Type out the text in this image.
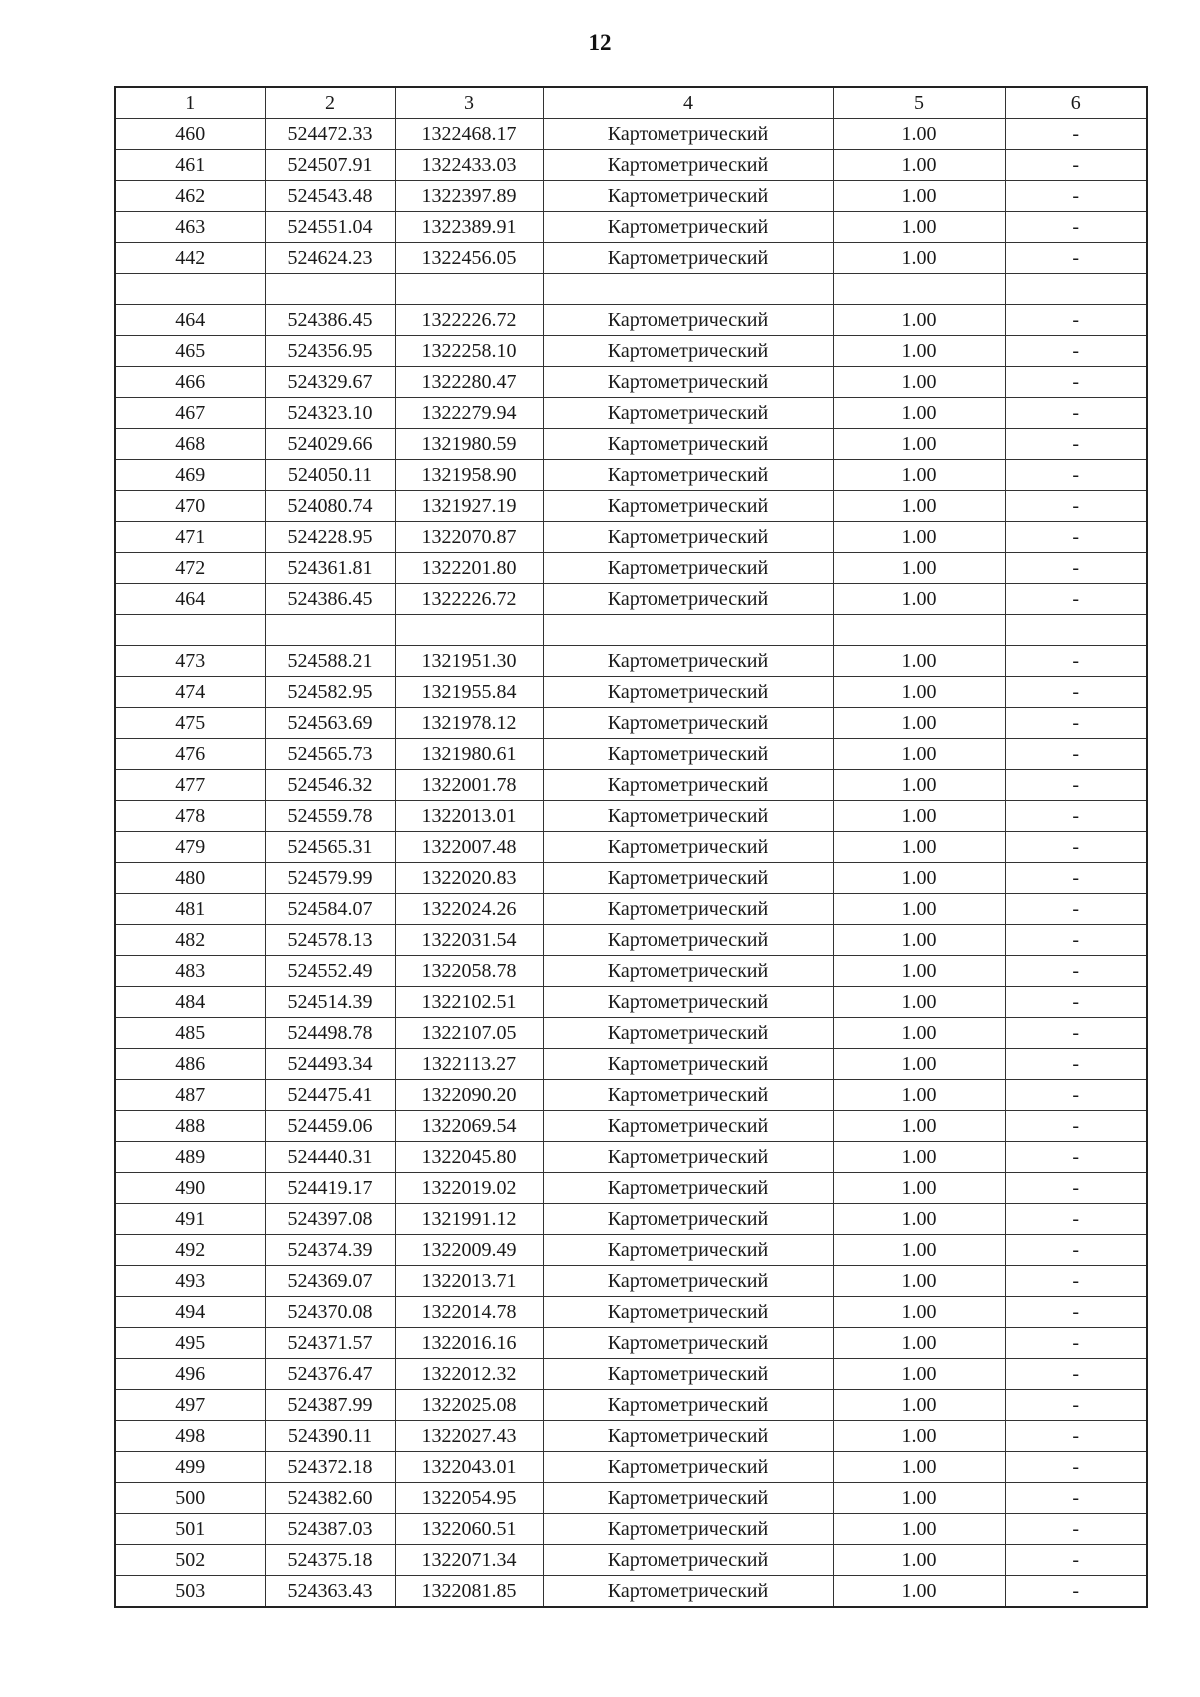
12
1	2	3	4	5	6
460	524472.33	1322468.17	Картометрический	1.00	-
461	524507.91	1322433.03	Картометрический	1.00	-
462	524543.48	1322397.89	Картометрический	1.00	-
463	524551.04	1322389.91	Картометрический	1.00	-
442	524624.23	1322456.05	Картометрический	1.00	-

464	524386.45	1322226.72	Картометрический	1.00	-
465	524356.95	1322258.10	Картометрический	1.00	-
466	524329.67	1322280.47	Картометрический	1.00	-
467	524323.10	1322279.94	Картометрический	1.00	-
468	524029.66	1321980.59	Картометрический	1.00	-
469	524050.11	1321958.90	Картометрический	1.00	-
470	524080.74	1321927.19	Картометрический	1.00	-
471	524228.95	1322070.87	Картометрический	1.00	-
472	524361.81	1322201.80	Картометрический	1.00	-
464	524386.45	1322226.72	Картометрический	1.00	-

473	524588.21	1321951.30	Картометрический	1.00	-
474	524582.95	1321955.84	Картометрический	1.00	-
475	524563.69	1321978.12	Картометрический	1.00	-
476	524565.73	1321980.61	Картометрический	1.00	-
477	524546.32	1322001.78	Картометрический	1.00	-
478	524559.78	1322013.01	Картометрический	1.00	-
479	524565.31	1322007.48	Картометрический	1.00	-
480	524579.99	1322020.83	Картометрический	1.00	-
481	524584.07	1322024.26	Картометрический	1.00	-
482	524578.13	1322031.54	Картометрический	1.00	-
483	524552.49	1322058.78	Картометрический	1.00	-
484	524514.39	1322102.51	Картометрический	1.00	-
485	524498.78	1322107.05	Картометрический	1.00	-
486	524493.34	1322113.27	Картометрический	1.00	-
487	524475.41	1322090.20	Картометрический	1.00	-
488	524459.06	1322069.54	Картометрический	1.00	-
489	524440.31	1322045.80	Картометрический	1.00	-
490	524419.17	1322019.02	Картометрический	1.00	-
491	524397.08	1321991.12	Картометрический	1.00	-
492	524374.39	1322009.49	Картометрический	1.00	-
493	524369.07	1322013.71	Картометрический	1.00	-
494	524370.08	1322014.78	Картометрический	1.00	-
495	524371.57	1322016.16	Картометрический	1.00	-
496	524376.47	1322012.32	Картометрический	1.00	-
497	524387.99	1322025.08	Картометрический	1.00	-
498	524390.11	1322027.43	Картометрический	1.00	-
499	524372.18	1322043.01	Картометрический	1.00	-
500	524382.60	1322054.95	Картометрический	1.00	-
501	524387.03	1322060.51	Картометрический	1.00	-
502	524375.18	1322071.34	Картометрический	1.00	-
503	524363.43	1322081.85	Картометрический	1.00	-
